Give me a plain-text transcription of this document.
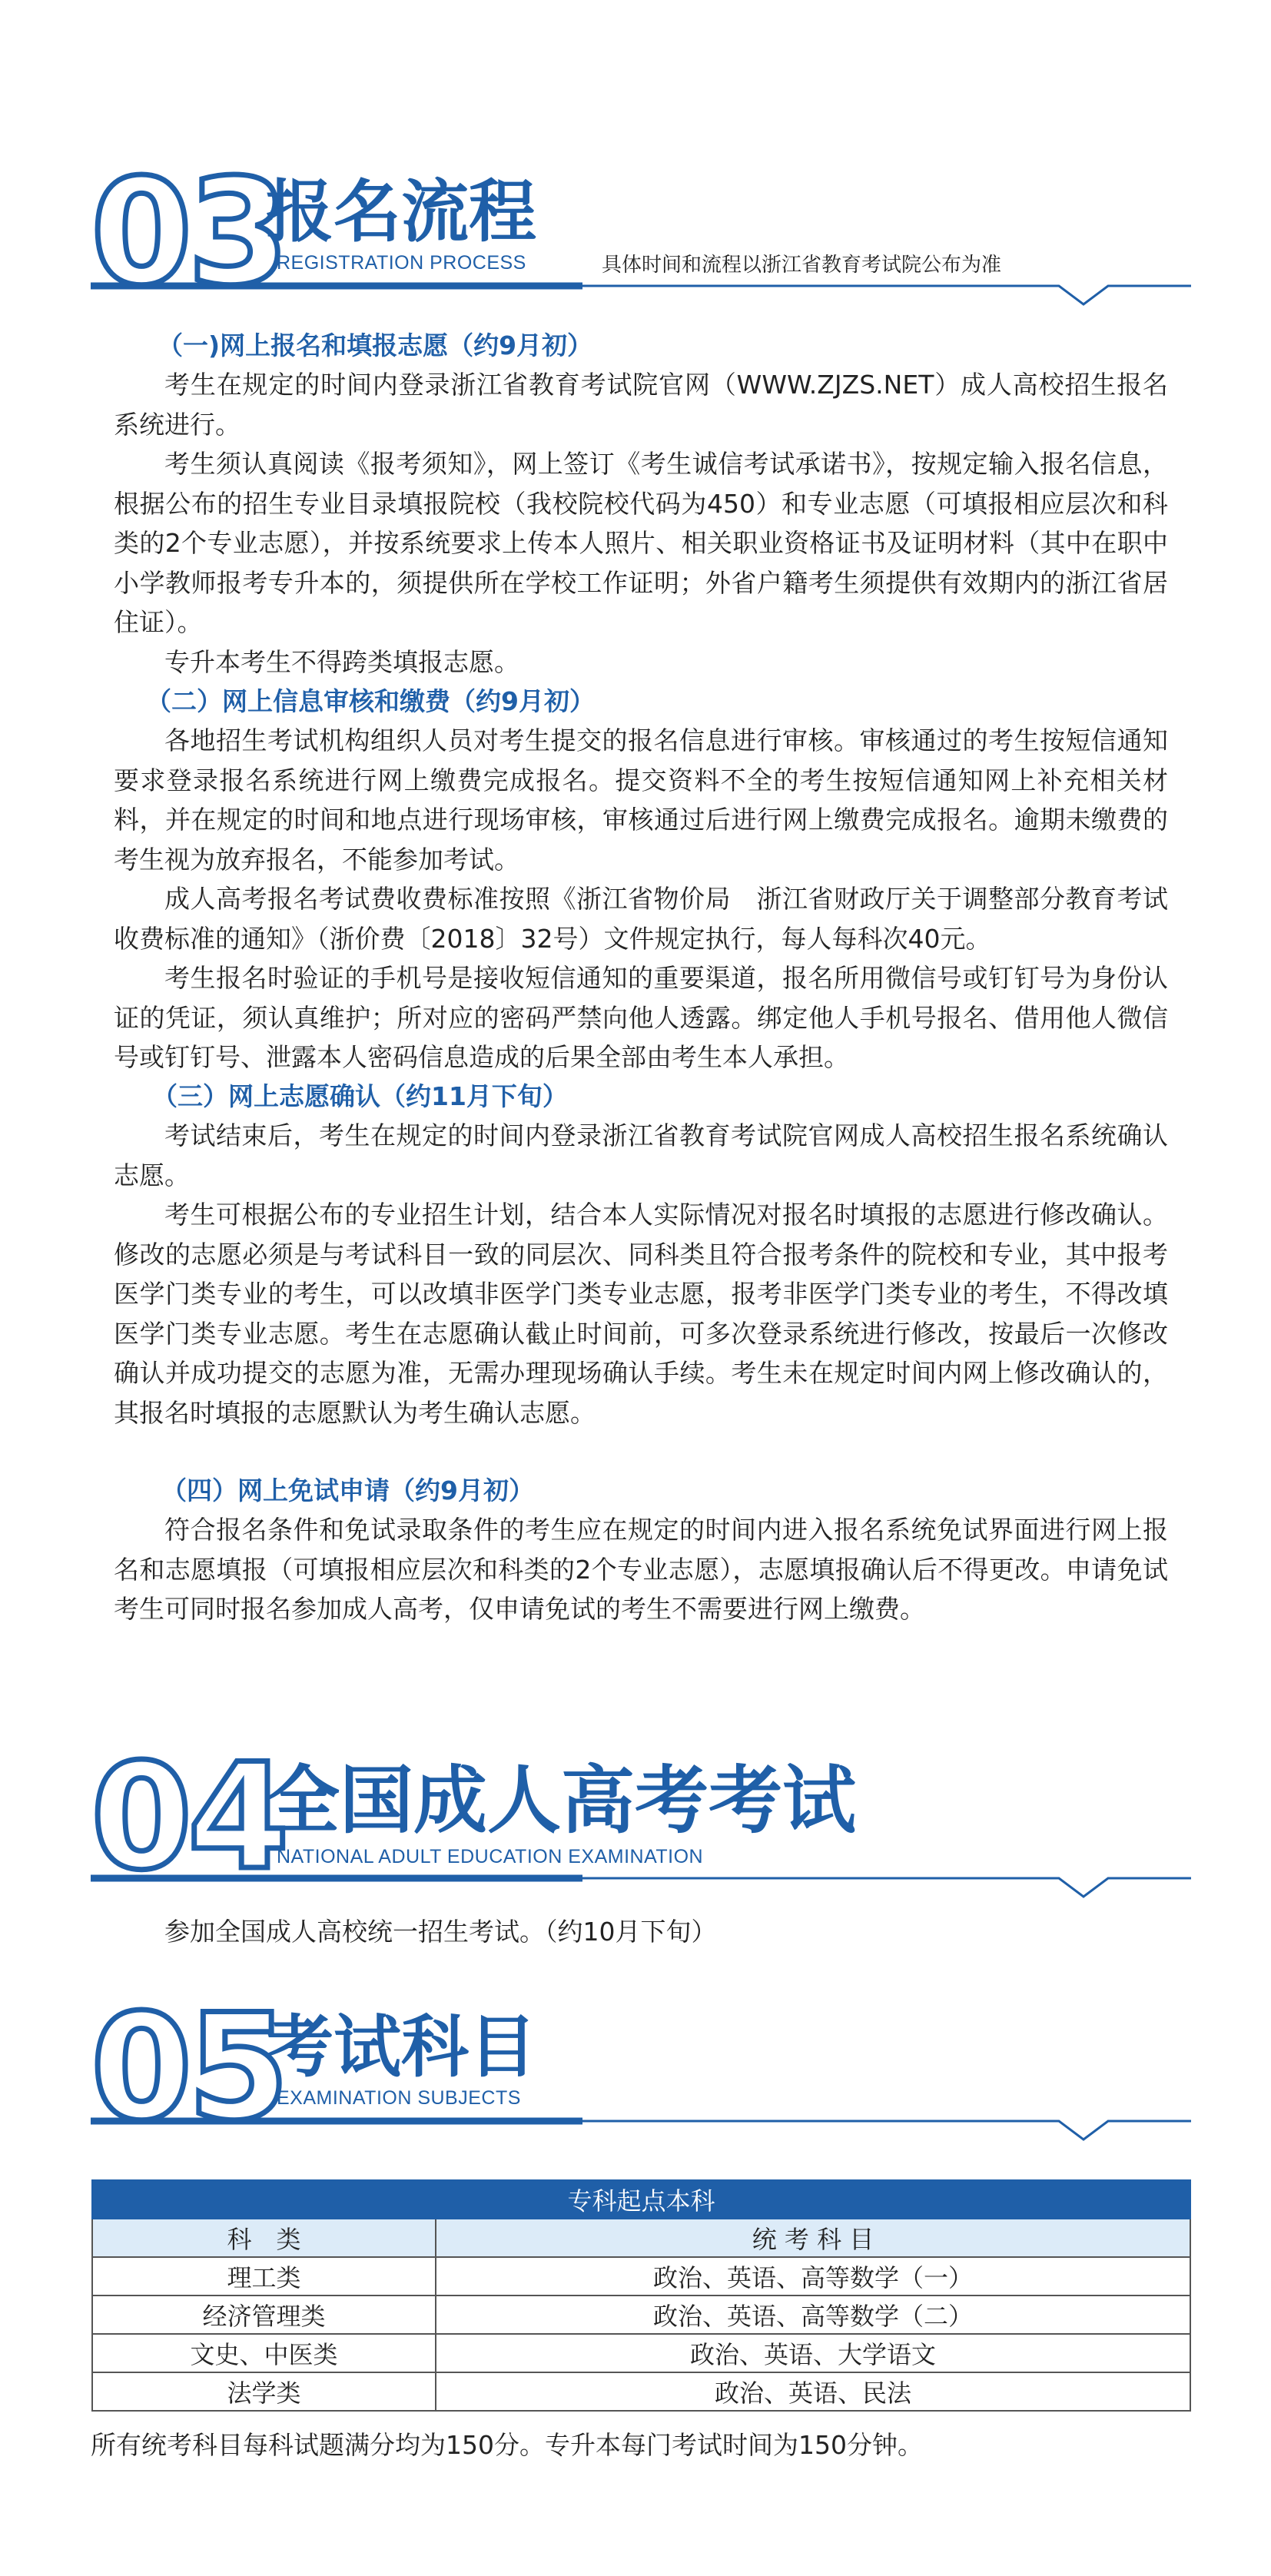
03
报名流程
REGISTRATION PROCESS	具体时间和流程以浙江省教育考试院公布为准
（一)网上报名和填报志愿（约9月初）

考生在规定的时间内登录浙江省教育考试院官网（WWW.ZJZS.NET）成人高校招生报名系统进行。

考生须认真阅读《报考须知》，网上签订《考生诚信考试承诺书》，按规定输入报名信息，根据公布的招生专业目录填报院校（我校院校代码为450）和专业志愿（可填报相应层次和科类的2个专业志愿），并按系统要求上传本人照片、相关职业资格证书及证明材料（其中在职中小学教师报考专升本的，须提供所在学校工作证明；外省户籍考生须提供有效期内的浙江省居住证）。

专升本考生不得跨类填报志愿。

（二）网上信息审核和缴费（约9月初）

各地招生考试机构组织人员对考生提交的报名信息进行审核。审核通过的考生按短信通知要求登录报名系统进行网上缴费完成报名。提交资料不全的考生按短信通知网上补充相关材料，并在规定的时间和地点进行现场审核，审核通过后进行网上缴费完成报名。逾期未缴费的考生视为放弃报名，不能参加考试。

成人高考报名考试费收费标准按照《浙江省物价局　浙江省财政厅关于调整部分教育考试收费标准的通知》（浙价费〔2018〕32号）文件规定执行，每人每科次40元。

考生报名时验证的手机号是接收短信通知的重要渠道，报名所用微信号或钉钉号为身份认证的凭证，须认真维护；所对应的密码严禁向他人透露。绑定他人手机号报名、借用他人微信号或钉钉号、泄露本人密码信息造成的后果全部由考生本人承担。

（三）网上志愿确认（约11月下旬）

考试结束后，考生在规定的时间内登录浙江省教育考试院官网成人高校招生报名系统确认志愿。

考生可根据公布的专业招生计划，结合本人实际情况对报名时填报的志愿进行修改确认。修改的志愿必须是与考试科目一致的同层次、同科类且符合报考条件的院校和专业，其中报考医学门类专业的考生，可以改填非医学门类专业志愿，报考非医学门类专业的考生，不得改填医学门类专业志愿。考生在志愿确认截止时间前，可多次登录系统进行修改，按最后一次修改确认并成功提交的志愿为准，无需办理现场确认手续。考生未在规定时间内网上修改确认的，其报名时填报的志愿默认为考生确认志愿。

（四）网上免试申请（约9月初）

符合报名条件和免试录取条件的考生应在规定的时间内进入报名系统免试界面进行网上报名和志愿填报（可填报相应层次和科类的2个专业志愿），志愿填报确认后不得更改。申请免试考生可同时报名参加成人高考，仅申请免试的考生不需要进行网上缴费。

04
全国成人高考考试
NATIONAL ADULT EDUCATION EXAMINATION

参加全国成人高校统一招生考试。（约10月下旬）

05
考试科目
EXAMINATION SUBJECTS
专科起点本科	
科　类	统 考 科 目
理工类	政治、英语、高等数学（一）
经济管理类	政治、英语、高等数学（二）
文史、中医类	政治、英语、大学语文
法学类	政治、英语、民法
所有统考科目每科试题满分均为150分。专升本每门考试时间为150分钟。
